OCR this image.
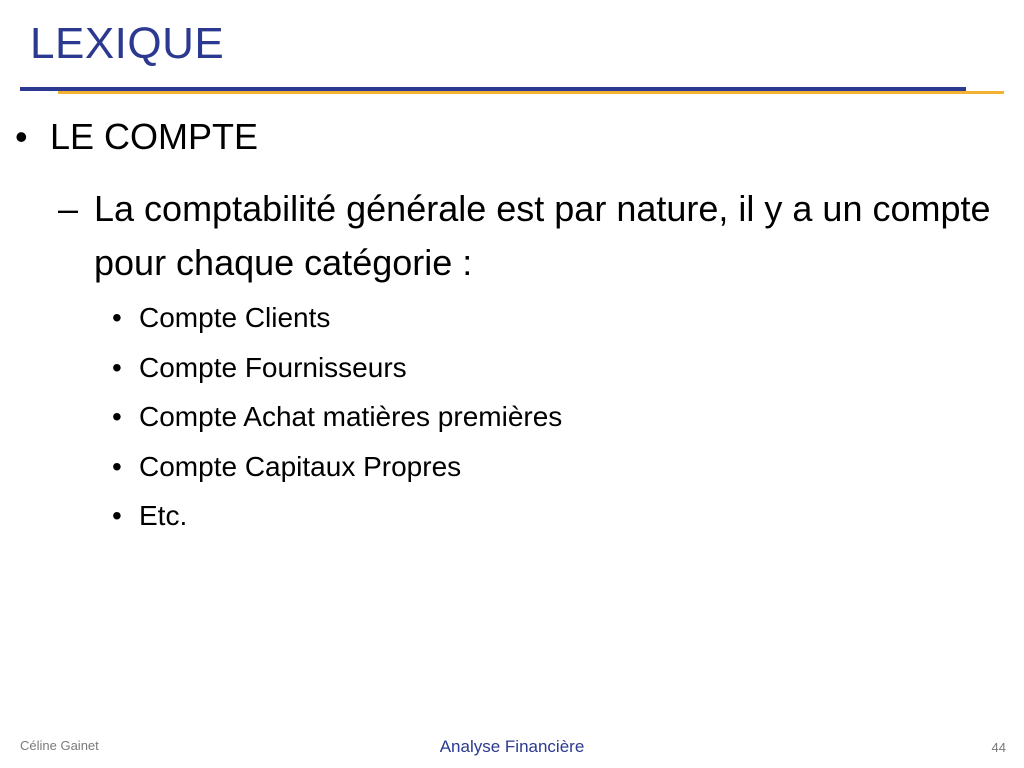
LEXIQUE
• LE COMPTE
– La comptabilité générale est par nature, il y a un compte pour chaque catégorie :
• Compte Clients
• Compte Fournisseurs
• Compte Achat matières premières
• Compte Capitaux Propres
• Etc.
Céline Gainet	Analyse Financière	44
